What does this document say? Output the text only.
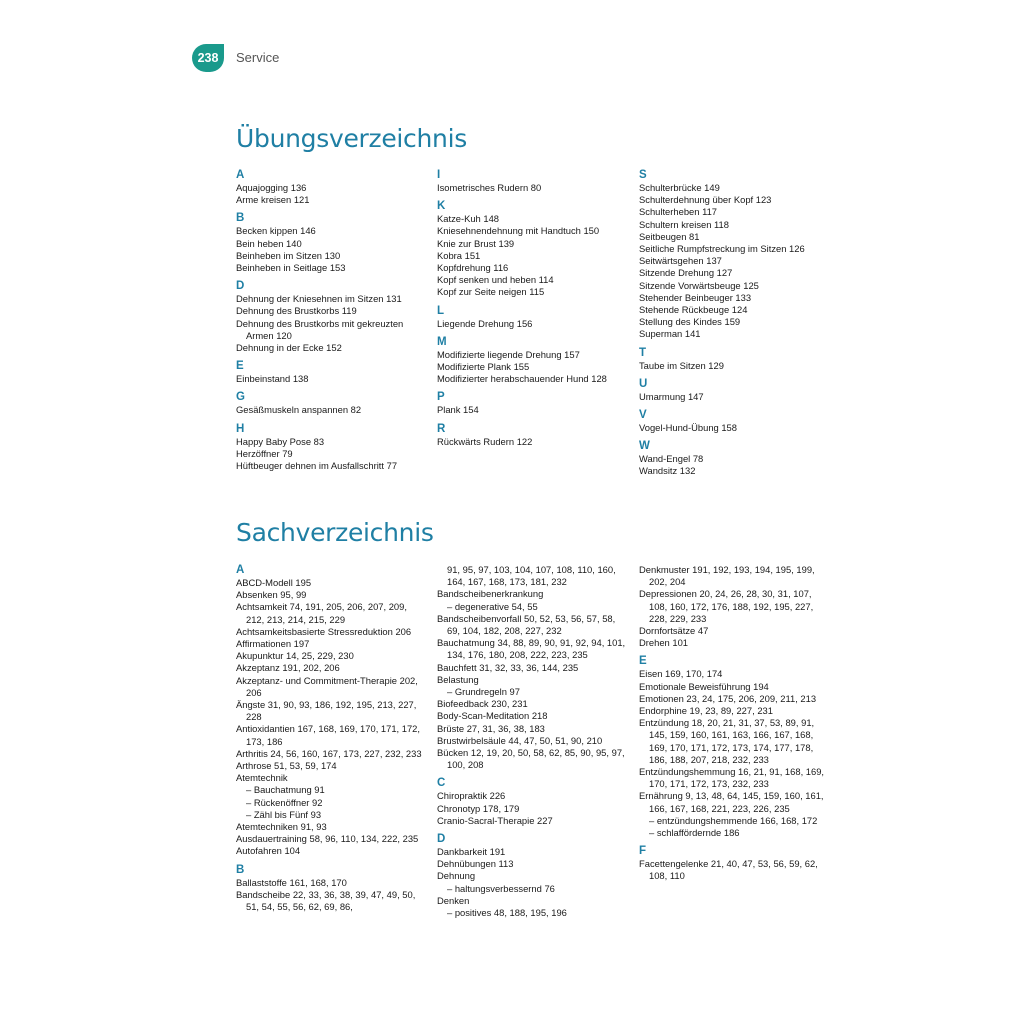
238	Service
Übungsverzeichnis
A
Aquajogging 136
Arme kreisen 121
B
Becken kippen 146
Bein heben 140
Beinheben im Sitzen 130
Beinheben in Seitlage 153
D
Dehnung der Kniesehnen im Sitzen 131
Dehnung des Brustkorbs 119
Dehnung des Brustkorbs mit gekreuzten Armen 120
Dehnung in der Ecke 152
E
Einbeinstand 138
G
Gesäßmuskeln anspannen 82
H
Happy Baby Pose 83
Herzöffner 79
Hüftbeuger dehnen im Ausfallschritt 77
I
Isometrisches Rudern 80
K
Katze-Kuh 148
Kniesehnendehnung mit Handtuch 150
Knie zur Brust 139
Kobra 151
Kopfdrehung 116
Kopf senken und heben 114
Kopf zur Seite neigen 115
L
Liegende Drehung 156
M
Modifizierte liegende Drehung 157
Modifizierte Plank 155
Modifizierter herabschauender Hund 128
P
Plank 154
R
Rückwärts Rudern 122
S
Schulterbrücke 149
Schulterdehnung über Kopf 123
Schulterheben 117
Schultern kreisen 118
Seitbeugen 81
Seitliche Rumpfstreckung im Sitzen 126
Seitwärtsgehen 137
Sitzende Drehung 127
Sitzende Vorwärtsbeuge 125
Stehender Beinbeuger 133
Stehende Rückbeuge 124
Stellung des Kindes 159
Superman 141
T
Taube im Sitzen 129
U
Umarmung 147
V
Vogel-Hund-Übung 158
W
Wand-Engel 78
Wandsitz 132
Sachverzeichnis
A
ABCD-Modell 195
Absenken 95, 99
Achtsamkeit 74, 191, 205, 206, 207, 209, 212, 213, 214, 215, 229
Achtsamkeitsbasierte Stressreduktion 206
Affirmationen 197
Akupunktur 14, 25, 229, 230
Akzeptanz 191, 202, 206
Akzeptanz- und Commitment-Therapie 202, 206
Ängste 31, 90, 93, 186, 192, 195, 213, 227, 228
Antioxidantien 167, 168, 169, 170, 171, 172, 173, 186
Arthritis 24, 56, 160, 167, 173, 227, 232, 233
Arthrose 51, 53, 59, 174
Atemtechnik
– Bauchatmung 91
– Rückenöffner 92
– Zähl bis Fünf 93
Atemtechniken 91, 93
Ausdauertraining 58, 96, 110, 134, 222, 235
Autofahren 104
B
Ballaststoffe 161, 168, 170
Bandscheibe 22, 33, 36, 38, 39, 47, 49, 50, 51, 54, 55, 56, 62, 69, 86,
91, 95, 97, 103, 104, 107, 108, 110, 160, 164, 167, 168, 173, 181, 232
Bandscheibenerkrankung
– degenerative 54, 55
Bandscheibenvorfall 50, 52, 53, 56, 57, 58, 69, 104, 182, 208, 227, 232
Bauchatmung 34, 88, 89, 90, 91, 92, 94, 101, 134, 176, 180, 208, 222, 223, 235
Bauchfett 31, 32, 33, 36, 144, 235
Belastung
– Grundregeln 97
Biofeedback 230, 231
Body-Scan-Meditation 218
Brüste 27, 31, 36, 38, 183
Brustwirbelsäule 44, 47, 50, 51, 90, 210
Bücken 12, 19, 20, 50, 58, 62, 85, 90, 95, 97, 100, 208
C
Chiropraktik 226
Chronotyp 178, 179
Cranio-Sacral-Therapie 227
D
Dankbarkeit 191
Dehnübungen 113
Dehnung
– haltungsverbessernd 76
Denken
– positives 48, 188, 195, 196
Denkmuster 191, 192, 193, 194, 195, 199, 202, 204
Depressionen 20, 24, 26, 28, 30, 31, 107, 108, 160, 172, 176, 188, 192, 195, 227, 228, 229, 233
Dornfortsätze 47
Drehen 101
E
Eisen 169, 170, 174
Emotionale Beweisführung 194
Emotionen 23, 24, 175, 206, 209, 211, 213
Endorphine 19, 23, 89, 227, 231
Entzündung 18, 20, 21, 31, 37, 53, 89, 91, 145, 159, 160, 161, 163, 166, 167, 168, 169, 170, 171, 172, 173, 174, 177, 178, 186, 188, 207, 218, 232, 233
Entzündungshemmung 16, 21, 91, 168, 169, 170, 171, 172, 173, 232, 233
Ernährung 9, 13, 48, 64, 145, 159, 160, 161, 166, 167, 168, 221, 223, 226, 235
– entzündungshemmende 166, 168, 172
– schlaffördernde 186
F
Facettengelenke 21, 40, 47, 53, 56, 59, 62, 108, 110
